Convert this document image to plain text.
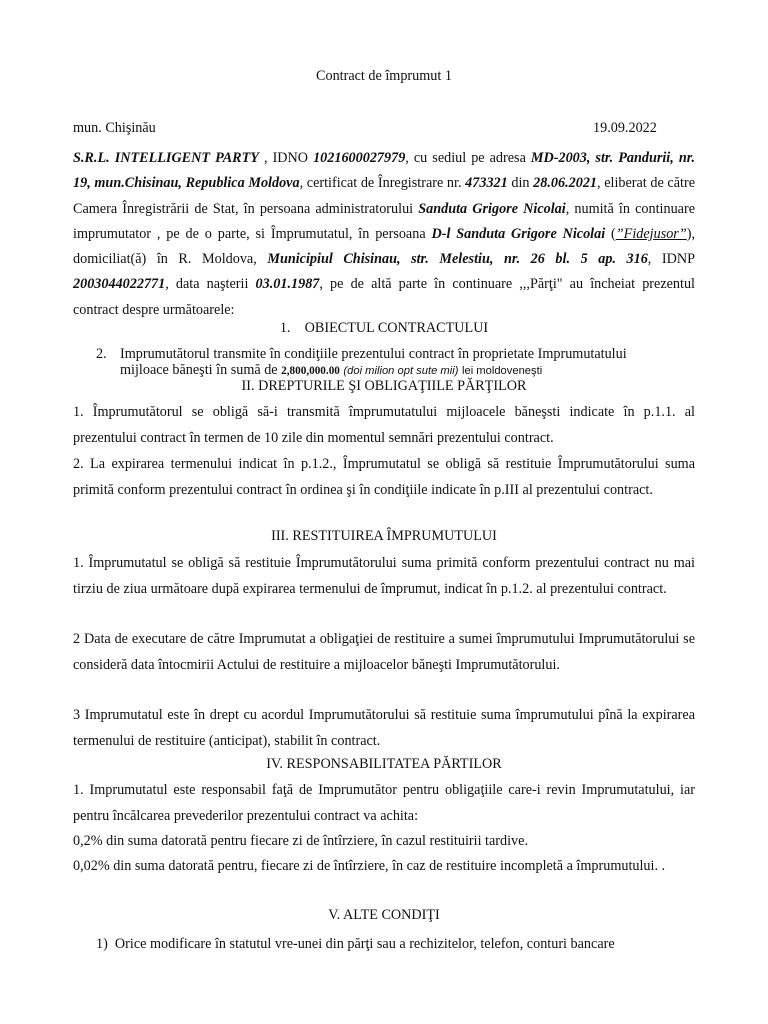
Contract de împrumut 1
mun. Chişinău	19.09.2022
S.R.L. INTELLIGENT PARTY , IDNO 1021600027979, cu sediul pe adresa MD-2003, str. Pandurii, nr. 19, mun.Chisinau, Republica Moldova, certificat de Înregistrare nr. 473321 din 28.06.2021, eliberat de către Camera Înregistrării de Stat, în persoana administratorului Sanduta Grigore Nicolai, numită în continuare imprumutator , pe de o parte, si Împrumutatul, în persoana D-l Sanduta Grigore Nicolai (”Fidejusor”), domiciliat(ă) în R. Moldova, Municipiul Chisinau, str. Melestiu, nr. 26 bl. 5 ap. 316, IDNP 2003044022771, data naşterii 03.01.1987, pe de altă parte în continuare ,,,Părţi" au încheiat prezentul contract despre următoarele:
1. OBIECTUL CONTRACTULUI
2. Imprumutătorul transmite în condiţiile prezentului contract în proprietate Imprumutatului
mijloace băneşti în sumă de 2,800,000.00 (doi milion opt sute mii) lei moldoveneşti
II. DREPTURILE ŞI OBLIGAŢIILE PĂRŢILOR
1. Împrumutătorul se obligă să-i transmită împrumutatului mijloacele băneşsti indicate în p.1.1. al prezentului contract în termen de 10 zile din momentul semnări prezentului contract.
2. La expirarea termenului indicat în p.1.2., Împrumutatul se obligă să restituie Împrumutătorului suma primită conform prezentului contract în ordinea şi în condiţiile indicate în p.III al prezentului contract.
III. RESTITUIREA ÎMPRUMUTULUI
1. Împrumutatul se obligă să restituie Împrumutătorului suma primită conform prezentului contract nu mai tirziu de ziua următoare după expirarea termenului de împrumut, indicat în p.1.2. al prezentului contract.
2 Data de executare de către Imprumutat a obligaţiei de restituire a sumei împrumutului Imprumutătorului se consideră data întocmirii Actului de restituire a mijloacelor băneşti Imprumutătorului.
3 Imprumutatul este în drept cu acordul Imprumutătorului să restituie suma împrumutului pînă la expirarea termenului de restituire (anticipat), stabilit în contract.
IV. RESPONSABILITATEA PĂRTILOR
1. Imprumutatul este responsabil faţă de Imprumutător pentru obligaţiile care-i revin Imprumutatului, iar pentru încălcarea prevederilor prezentului contract va achita:
0,2% din suma datorată pentru fiecare zi de întîrziere, în cazul restituirii tardive.
0,02% din suma datorată pentru, fiecare zi de întîrziere, în caz de restituire incompletă a împrumutului. .
V. ALTE CONDIŢI
1) Orice modificare în statutul vre-unei din părţi sau a rechizitelor, telefon, conturi bancare
